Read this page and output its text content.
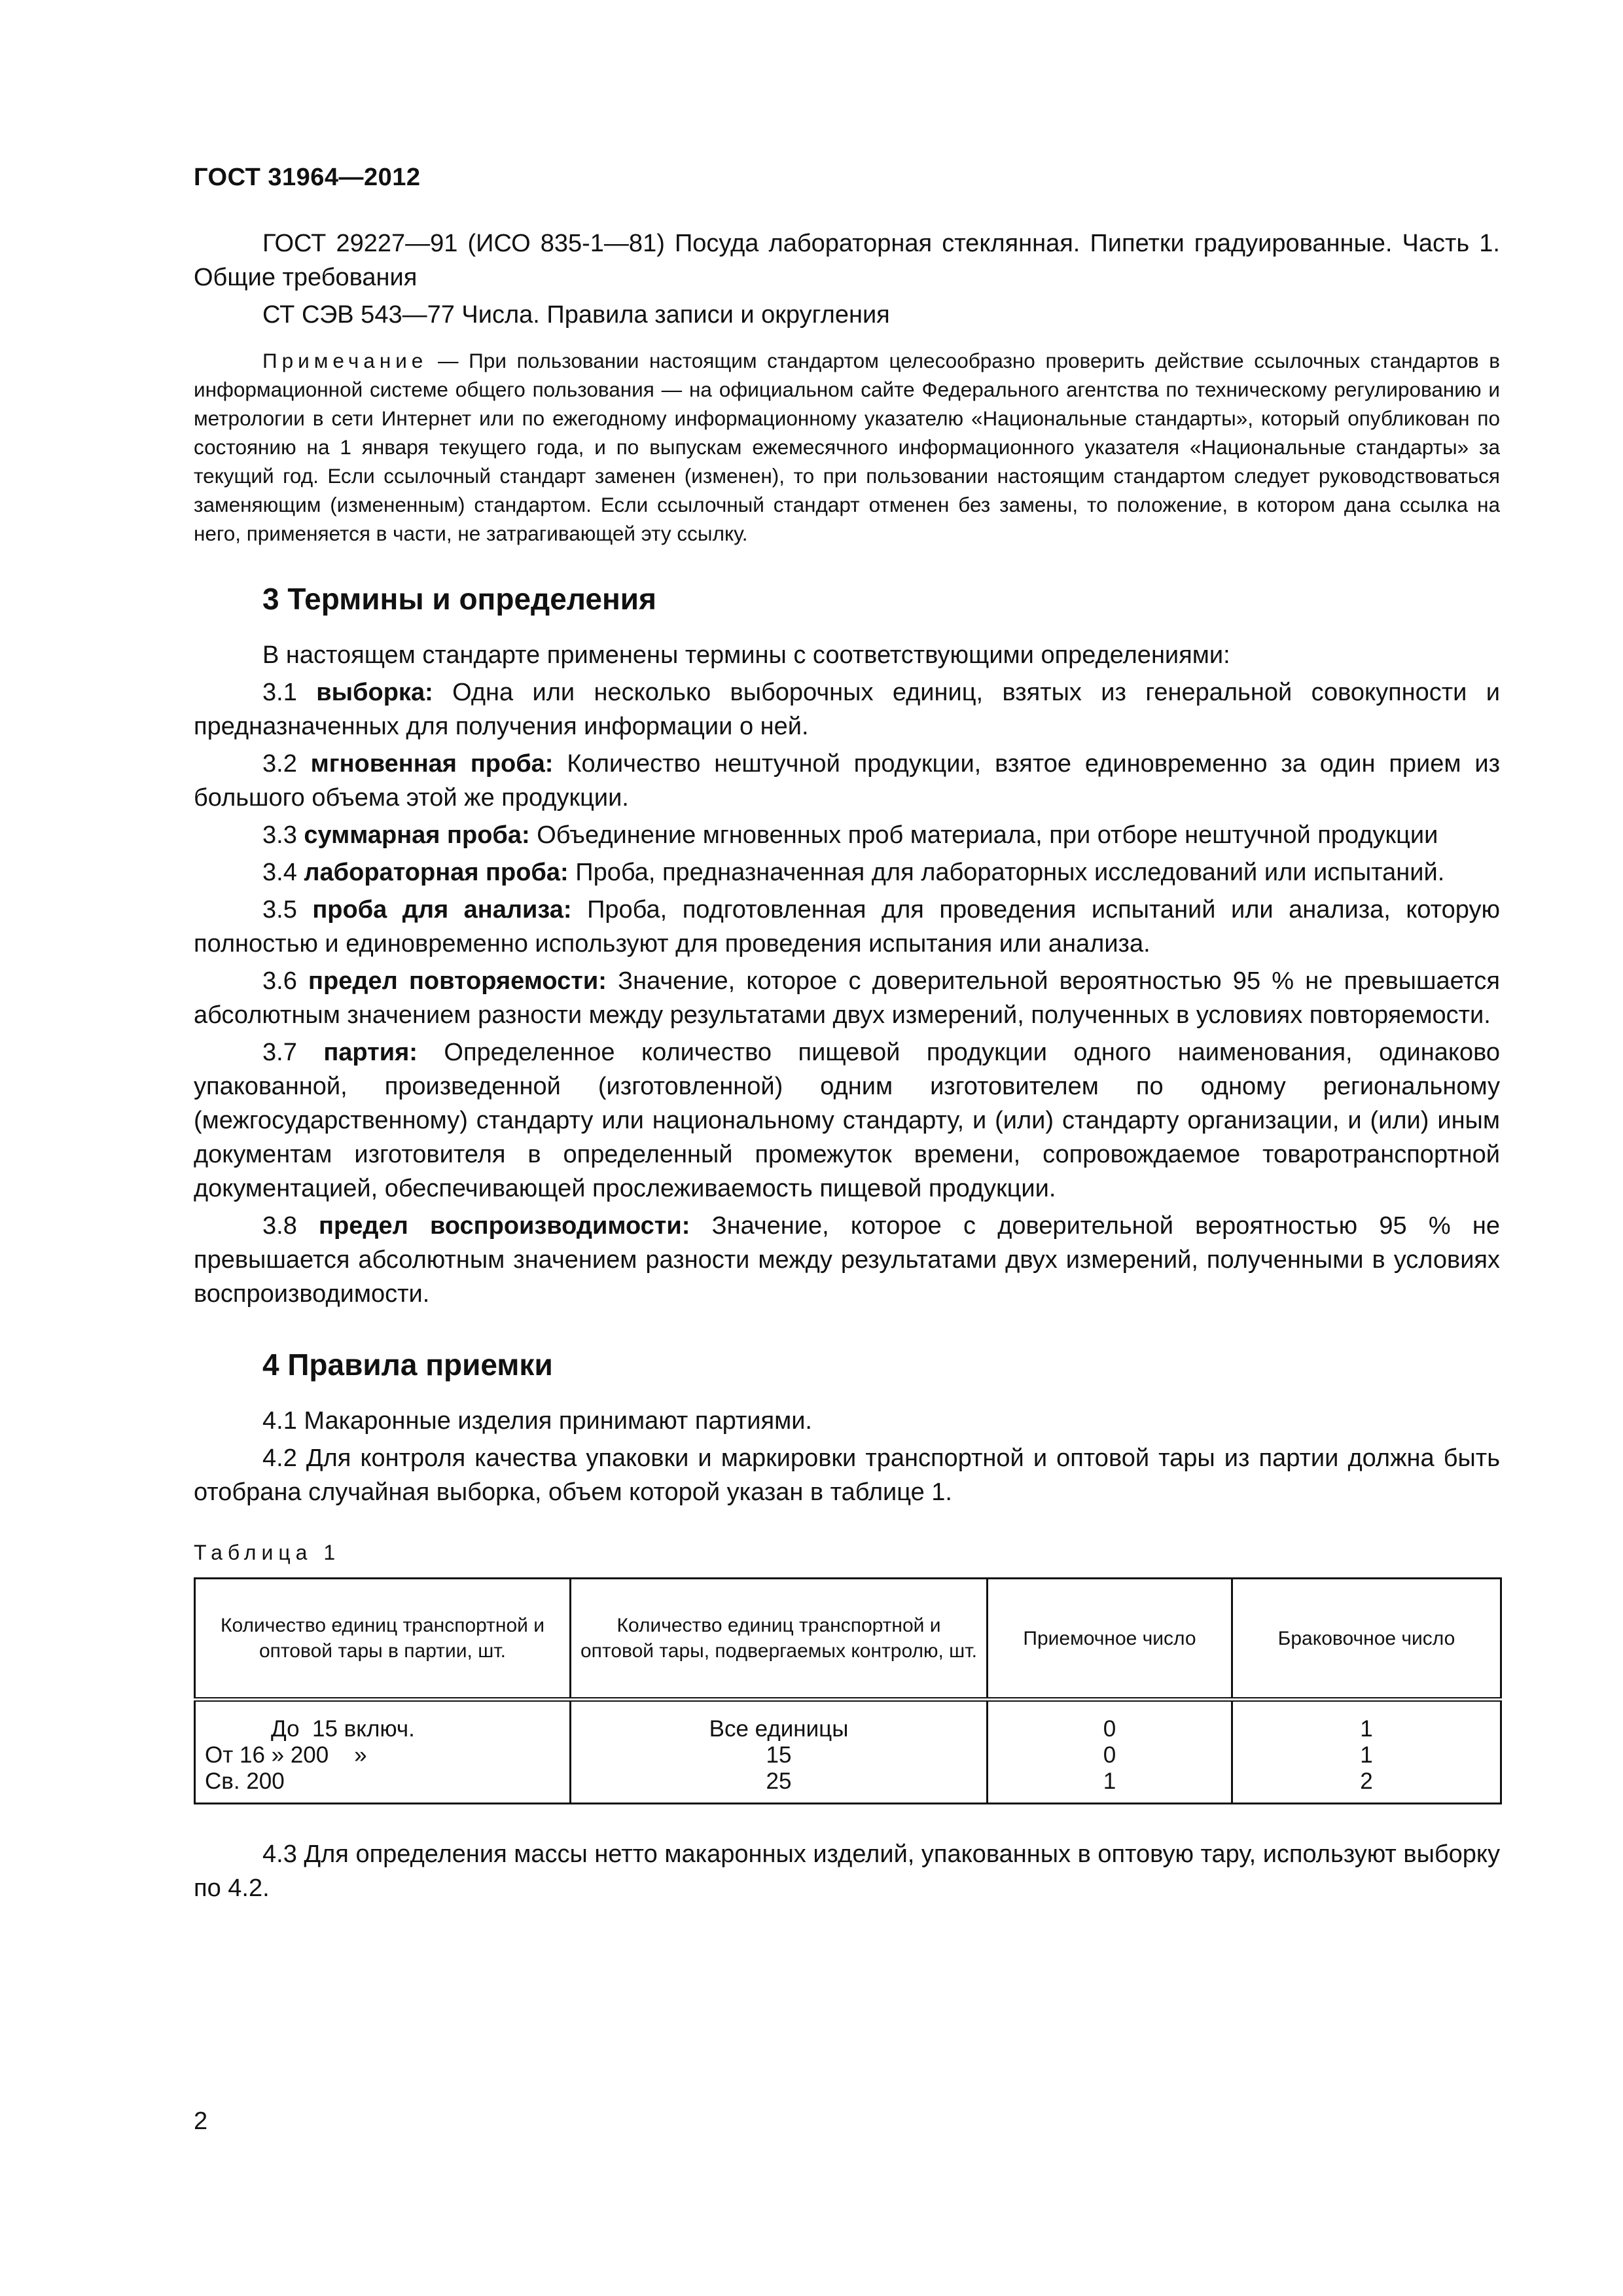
ГОСТ 31964—2012

ГОСТ 29227—91 (ИСО 835-1—81) Посуда лабораторная стеклянная. Пипетки градуированные. Часть 1. Общие требования

СТ СЭВ 543—77 Числа. Правила записи и округления

Примечание — При пользовании настоящим стандартом целесообразно проверить действие ссылочных стандартов в информационной системе общего пользования — на официальном сайте Федерального агентства по техническому регулированию и метрологии в сети Интернет или по ежегодному информационному указателю «Национальные стандарты», который опубликован по состоянию на 1 января текущего года, и по выпускам ежемесячного информационного указателя «Национальные стандарты» за текущий год. Если ссылочный стандарт заменен (изменен), то при пользовании настоящим стандартом следует руководствоваться заменяющим (измененным) стандартом. Если ссылочный стандарт отменен без замены, то положение, в котором дана ссылка на него, применяется в части, не затрагивающей эту ссылку.

3 Термины и определения

В настоящем стандарте применены термины с соответствующими определениями:

3.1 выборка: Одна или несколько выборочных единиц, взятых из генеральной совокупности и предназначенных для получения информации о ней.

3.2 мгновенная проба: Количество нештучной продукции, взятое единовременно за один прием из большого объема этой же продукции.

3.3 суммарная проба: Объединение мгновенных проб материала, при отборе нештучной продукции

3.4 лабораторная проба: Проба, предназначенная для лабораторных исследований или испытаний.

3.5 проба для анализа: Проба, подготовленная для проведения испытаний или анализа, которую полностью и единовременно используют для проведения испытания или анализа.

3.6 предел повторяемости: Значение, которое с доверительной вероятностью 95 % не превышается абсолютным значением разности между результатами двух измерений, полученных в условиях повторяемости.

3.7 партия: Определенное количество пищевой продукции одного наименования, одинаково упакованной, произведенной (изготовленной) одним изготовителем по одному региональному (межгосударственному) стандарту или национальному стандарту, и (или) стандарту организации, и (или) иным документам изготовителя в определенный промежуток времени, сопровождаемое товаротранспортной документацией, обеспечивающей прослеживаемость пищевой продукции.

3.8 предел воспроизводимости: Значение, которое с доверительной вероятностью 95 % не превышается абсолютным значением разности между результатами двух измерений, полученными в условиях воспроизводимости.

4 Правила приемки

4.1 Макаронные изделия принимают партиями.

4.2 Для контроля качества упаковки и маркировки транспортной и оптовой тары из партии должна быть отобрана случайная выборка, объем которой указан в таблице 1.

Таблица 1
Количество единиц транспортной и оптовой тары в партии, шт.	Количество единиц транспортной и оптовой тары, подвергаемых контролю, шт.	Приемочное число	Браковочное число
До  15 включ.	Все единицы	0	1
От 16 » 200    »	15	0	1
Св. 200	25	1	2

4.3 Для определения массы нетто макаронных изделий, упакованных в оптовую тару, используют выборку по 4.2.

2
